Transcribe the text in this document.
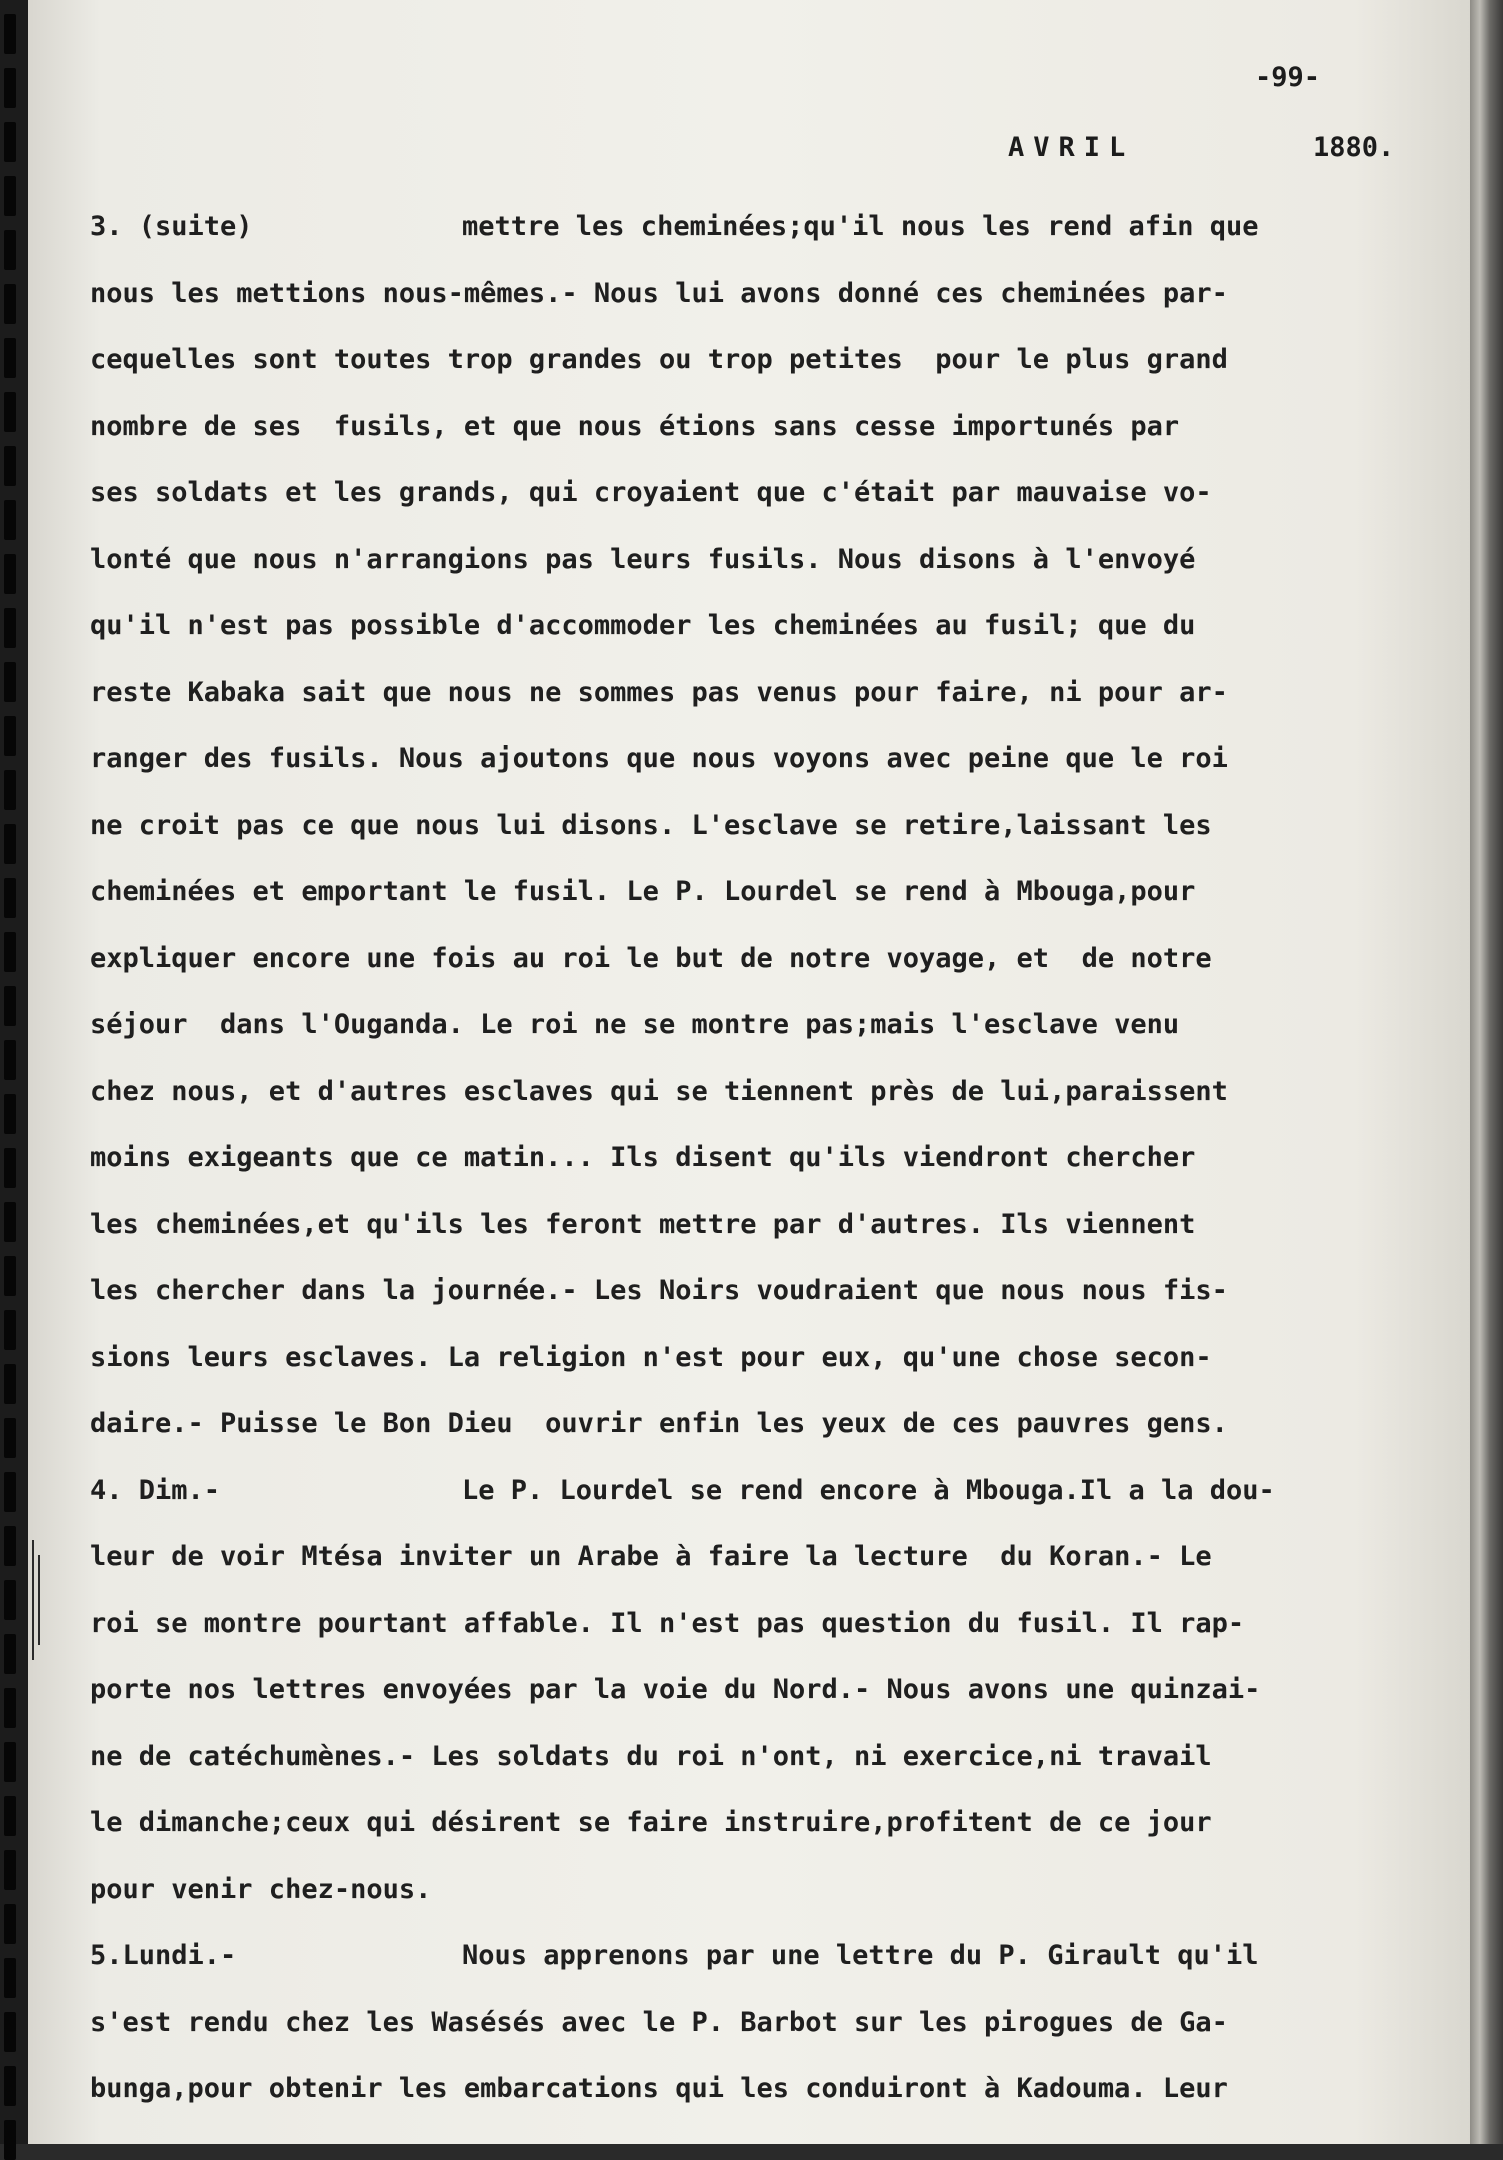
-99-
AVRIL	1880.
3. (suite)	mettre les cheminées;qu'il nous les rend afin que
nous les mettions nous-mêmes.- Nous lui avons donné ces cheminées par-
cequelles sont toutes trop grandes ou trop petites  pour le plus grand
nombre de ses  fusils, et que nous étions sans cesse importunés par
ses soldats et les grands, qui croyaient que c'était par mauvaise vo-
lonté que nous n'arrangions pas leurs fusils. Nous disons à l'envoyé
qu'il n'est pas possible d'accommoder les cheminées au fusil; que du
reste Kabaka sait que nous ne sommes pas venus pour faire, ni pour ar-
ranger des fusils. Nous ajoutons que nous voyons avec peine que le roi
ne croit pas ce que nous lui disons. L'esclave se retire,laissant les
cheminées et emportant le fusil. Le P. Lourdel se rend à Mbouga,pour
expliquer encore une fois au roi le but de notre voyage, et  de notre
séjour  dans l'Ouganda. Le roi ne se montre pas;mais l'esclave venu
chez nous, et d'autres esclaves qui se tiennent près de lui,paraissent
moins exigeants que ce matin... Ils disent qu'ils viendront chercher
les cheminées,et qu'ils les feront mettre par d'autres. Ils viennent
les chercher dans la journée.- Les Noirs voudraient que nous nous fis-
sions leurs esclaves. La religion n'est pour eux, qu'une chose secon-
daire.- Puisse le Bon Dieu  ouvrir enfin les yeux de ces pauvres gens.
4. Dim.-	Le P. Lourdel se rend encore à Mbouga.Il a la dou-
leur de voir Mtésa inviter un Arabe à faire la lecture  du Koran.- Le
roi se montre pourtant affable. Il n'est pas question du fusil. Il rap-
porte nos lettres envoyées par la voie du Nord.- Nous avons une quinzai-
ne de catéchumènes.- Les soldats du roi n'ont, ni exercice,ni travail
le dimanche;ceux qui désirent se faire instruire,profitent de ce jour
pour venir chez-nous.
5.Lundi.-	Nous apprenons par une lettre du P. Girault qu'il
s'est rendu chez les Wasésés avec le P. Barbot sur les pirogues de Ga-
bunga,pour obtenir les embarcations qui les conduiront à Kadouma. Leur
